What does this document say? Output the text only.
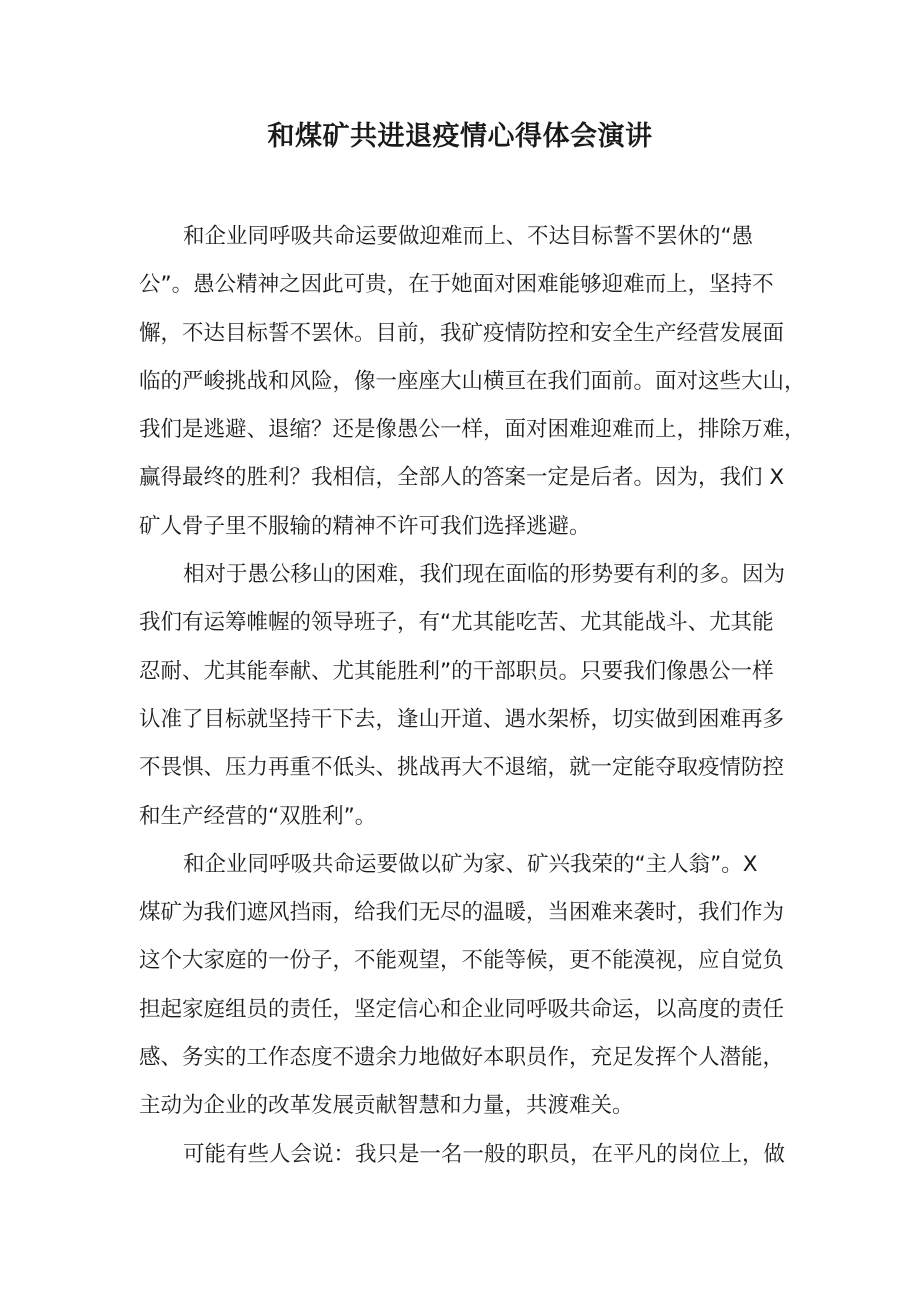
和煤矿共进退疫情心得体会演讲
和企业同呼吸共命运要做迎难而上、不达目标誓不罢休的“愚
公”。愚公精神之因此可贵，在于她面对困难能够迎难而上，坚持不
懈，不达目标誓不罢休。目前，我矿疫情防控和安全生产经营发展面
临的严峻挑战和风险，像一座座大山横亘在我们面前。面对这些大山，
我们是逃避、退缩？还是像愚公一样，面对困难迎难而上，排除万难，
赢得最终的胜利？我相信，全部人的答案一定是后者。因为，我们 X
矿人骨子里不服输的精神不许可我们选择逃避。
相对于愚公移山的困难，我们现在面临的形势要有利的多。因为
我们有运筹帷幄的领导班子，有“尤其能吃苦、尤其能战斗、尤其能
忍耐、尤其能奉献、尤其能胜利”的干部职员。只要我们像愚公一样
认准了目标就坚持干下去，逢山开道、遇水架桥，切实做到困难再多
不畏惧、压力再重不低头、挑战再大不退缩，就一定能夺取疫情防控
和生产经营的“双胜利”。
和企业同呼吸共命运要做以矿为家、矿兴我荣的“主人翁”。X
煤矿为我们遮风挡雨，给我们无尽的温暖，当困难来袭时，我们作为
这个大家庭的一份子，不能观望，不能等候，更不能漠视，应自觉负
担起家庭组员的责任，坚定信心和企业同呼吸共命运，以高度的责任
感、务实的工作态度不遗余力地做好本职员作，充足发挥个人潜能，
主动为企业的改革发展贡献智慧和力量，共渡难关。
可能有些人会说：我只是一名一般的职员，在平凡的岗位上，做
